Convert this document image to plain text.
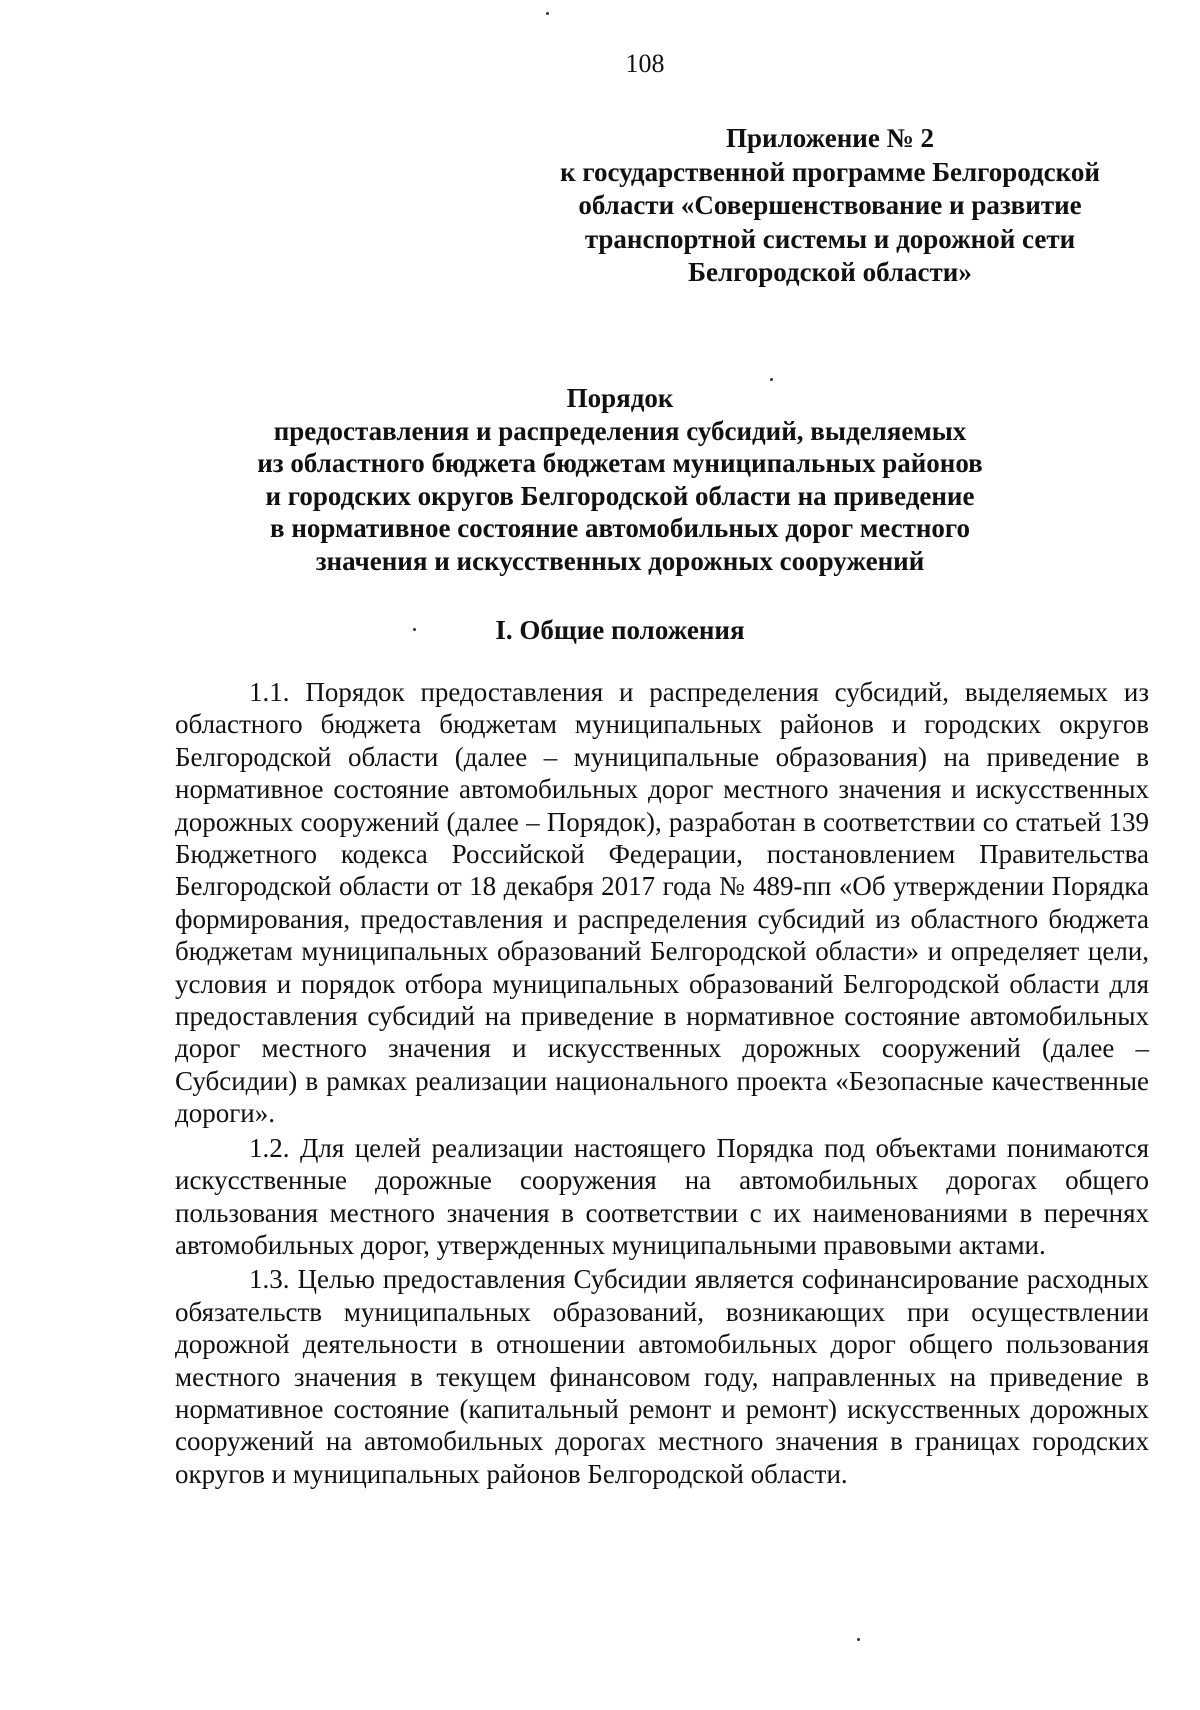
108
Приложение № 2
к государственной программе Белгородской
области «Совершенствование и развитие
транспортной системы и дорожной сети
Белгородской области»
Порядок
предоставления и распределения субсидий, выделяемых
из областного бюджета бюджетам муниципальных районов
и городских округов Белгородской области на приведение
в нормативное состояние автомобильных дорог местного
значения и искусственных дорожных сооружений
I. Общие положения

1.1. Порядок предоставления и распределения субсидий, выделяемых из областного бюджета бюджетам муниципальных районов и городских округов Белгородской области (далее – муниципальные образования) на приведение в нормативное состояние автомобильных дорог местного значения и искусственных дорожных сооружений (далее – Порядок), разработан в соответствии со статьей 139 Бюджетного кодекса Российской Федерации, постановлением Правительства Белгородской области от 18 декабря 2017 года № 489-пп «Об утверждении Порядка формирования, предоставления и распределения субсидий из областного бюджета бюджетам муниципальных образований Белгородской области» и определяет цели, условия и порядок отбора муниципальных образований Белгородской области для предоставления субсидий на приведение в нормативное состояние автомобильных дорог местного значения и искусственных дорожных сооружений (далее – Субсидии) в рамках реализации национального проекта «Безопасные качественные дороги».

1.2. Для целей реализации настоящего Порядка под объектами понимаются искусственные дорожные сооружения на автомобильных дорогах общего пользования местного значения в соответствии с их наименованиями в перечнях автомобильных дорог, утвержденных муниципальными правовыми актами.

1.3. Целью предоставления Субсидии является софинансирование расходных обязательств муниципальных образований, возникающих при осуществлении дорожной деятельности в отношении автомобильных дорог общего пользования местного значения в текущем финансовом году, направленных на приведение в нормативное состояние (капитальный ремонт и ремонт) искусственных дорожных сооружений на автомобильных дорогах местного значения в границах городских округов и муниципальных районов Белгородской области.
